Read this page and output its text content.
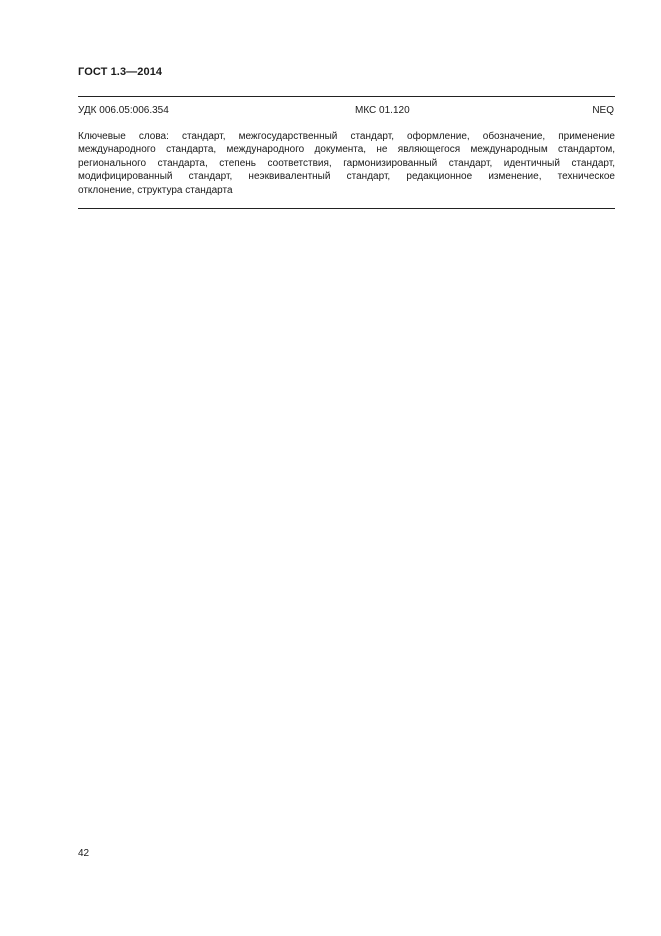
ГОСТ 1.3—2014
УДК 006.05:006.354	МКС 01.120	NEQ
Ключевые слова: стандарт, межгосударственный стандарт, оформление, обозначение, применение
международного стандарта, международного документа, не являющегося международным стандартом,
регионального стандарта, степень соответствия, гармонизированный стандарт, идентичный стандарт,
модифицированный стандарт, неэквивалентный стандарт, редакционное изменение, техническое
отклонение, структура стандарта
42
